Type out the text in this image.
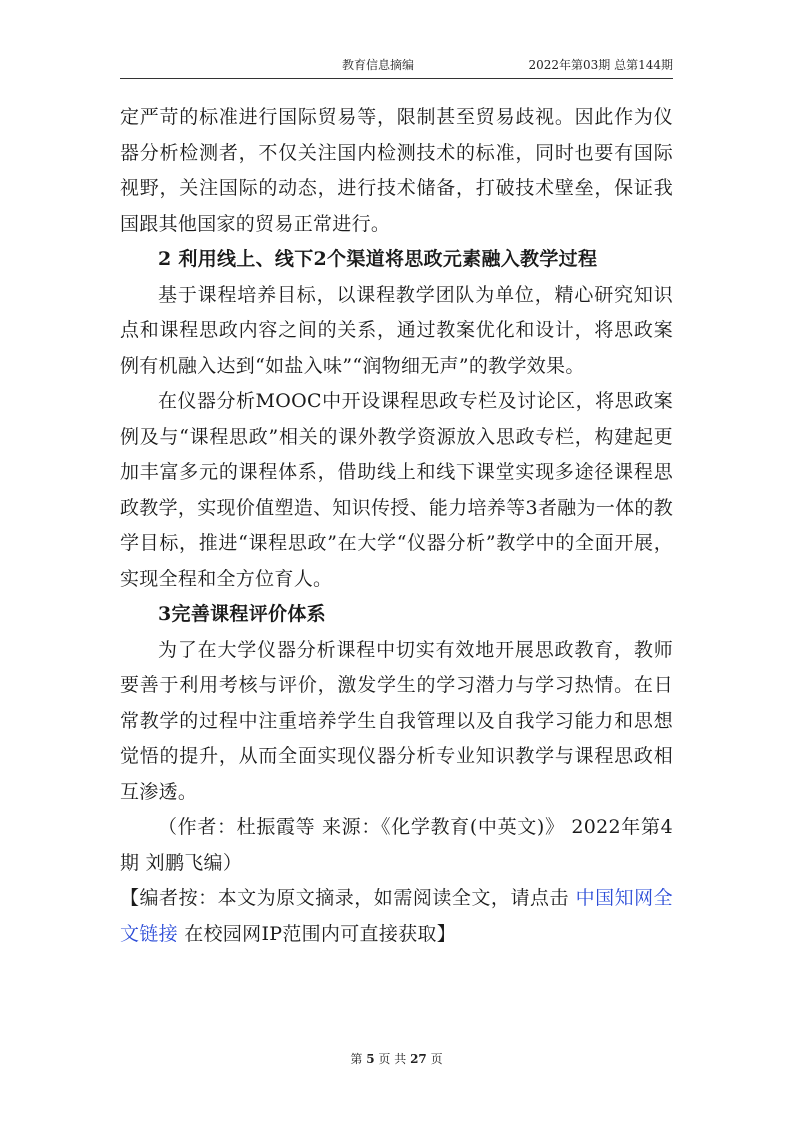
教育信息摘编	2022年第03期 总第144期

定严苛的标准进行国际贸易等，限制甚至贸易歧视。因此作为仪器分析检测者，不仅关注国内检测技术的标准，同时也要有国际视野，关注国际的动态，进行技术储备，打破技术壁垒，保证我国跟其他国家的贸易正常进行。

2 利用线上、线下2个渠道将思政元素融入教学过程

基于课程培养目标，以课程教学团队为单位，精心研究知识点和课程思政内容之间的关系，通过教案优化和设计，将思政案例有机融入达到“如盐入味”“润物细无声”的教学效果。

在仪器分析MOOC中开设课程思政专栏及讨论区，将思政案例及与“课程思政”相关的课外教学资源放入思政专栏，构建起更加丰富多元的课程体系，借助线上和线下课堂实现多途径课程思政教学，实现价值塑造、知识传授、能力培养等3者融为一体的教学目标，推进“课程思政”在大学“仪器分析”教学中的全面开展，实现全程和全方位育人。

3完善课程评价体系

为了在大学仪器分析课程中切实有效地开展思政教育，教师要善于利用考核与评价，激发学生的学习潜力与学习热情。在日常教学的过程中注重培养学生自我管理以及自我学习能力和思想觉悟的提升，从而全面实现仪器分析专业知识教学与课程思政相互渗透。

（作者：杜振霞等 来源：《化学教育(中英文)》 2022年第4期 刘鹏飞编）

【编者按：本文为原文摘录，如需阅读全文，请点击 中国知网全文链接 在校园网IP范围内可直接获取】

第 5 页 共 27 页
